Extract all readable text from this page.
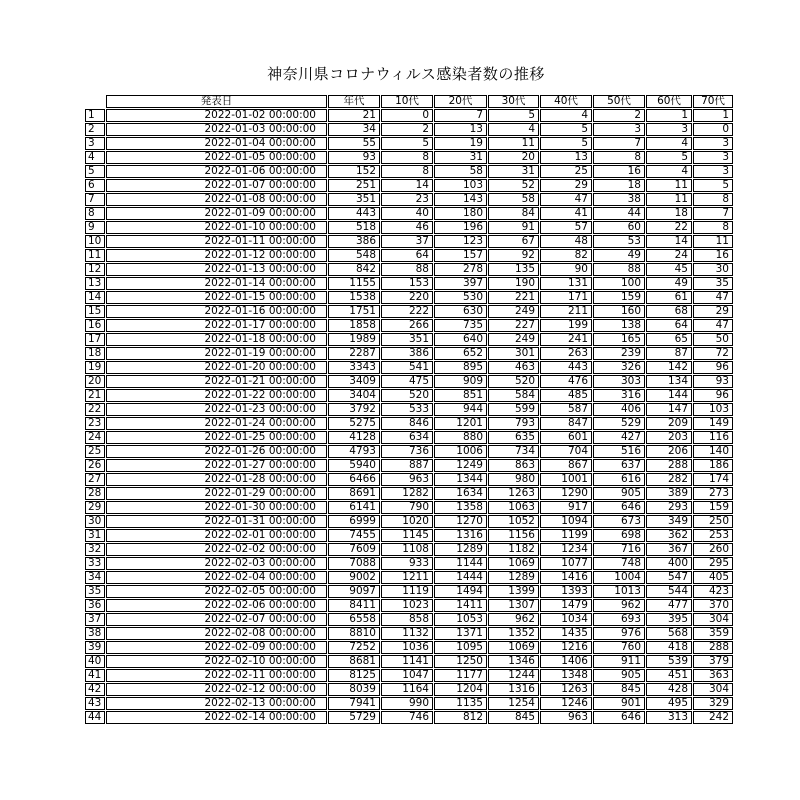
神奈川県コロナウィルス感染者数の推移
	発表日	年代	10代	20代	30代	40代	50代	60代	70代
1	2022-01-02 00:00:00	21	0	7	5	4	2	1	1
2	2022-01-03 00:00:00	34	2	13	4	5	3	3	0
3	2022-01-04 00:00:00	55	5	19	11	5	7	4	3
4	2022-01-05 00:00:00	93	8	31	20	13	8	5	3
5	2022-01-06 00:00:00	152	8	58	31	25	16	4	3
6	2022-01-07 00:00:00	251	14	103	52	29	18	11	5
7	2022-01-08 00:00:00	351	23	143	58	47	38	11	8
8	2022-01-09 00:00:00	443	40	180	84	41	44	18	7
9	2022-01-10 00:00:00	518	46	196	91	57	60	22	8
10	2022-01-11 00:00:00	386	37	123	67	48	53	14	11
11	2022-01-12 00:00:00	548	64	157	92	82	49	24	16
12	2022-01-13 00:00:00	842	88	278	135	90	88	45	30
13	2022-01-14 00:00:00	1155	153	397	190	131	100	49	35
14	2022-01-15 00:00:00	1538	220	530	221	171	159	61	47
15	2022-01-16 00:00:00	1751	222	630	249	211	160	68	29
16	2022-01-17 00:00:00	1858	266	735	227	199	138	64	47
17	2022-01-18 00:00:00	1989	351	640	249	241	165	65	50
18	2022-01-19 00:00:00	2287	386	652	301	263	239	87	72
19	2022-01-20 00:00:00	3343	541	895	463	443	326	142	96
20	2022-01-21 00:00:00	3409	475	909	520	476	303	134	93
21	2022-01-22 00:00:00	3404	520	851	584	485	316	144	96
22	2022-01-23 00:00:00	3792	533	944	599	587	406	147	103
23	2022-01-24 00:00:00	5275	846	1201	793	847	529	209	149
24	2022-01-25 00:00:00	4128	634	880	635	601	427	203	116
25	2022-01-26 00:00:00	4793	736	1006	734	704	516	206	140
26	2022-01-27 00:00:00	5940	887	1249	863	867	637	288	186
27	2022-01-28 00:00:00	6466	963	1344	980	1001	616	282	174
28	2022-01-29 00:00:00	8691	1282	1634	1263	1290	905	389	273
29	2022-01-30 00:00:00	6141	790	1358	1063	917	646	293	159
30	2022-01-31 00:00:00	6999	1020	1270	1052	1094	673	349	250
31	2022-02-01 00:00:00	7455	1145	1316	1156	1199	698	362	253
32	2022-02-02 00:00:00	7609	1108	1289	1182	1234	716	367	260
33	2022-02-03 00:00:00	7088	933	1144	1069	1077	748	400	295
34	2022-02-04 00:00:00	9002	1211	1444	1289	1416	1004	547	405
35	2022-02-05 00:00:00	9097	1119	1494	1399	1393	1013	544	423
36	2022-02-06 00:00:00	8411	1023	1411	1307	1479	962	477	370
37	2022-02-07 00:00:00	6558	858	1053	962	1034	693	395	304
38	2022-02-08 00:00:00	8810	1132	1371	1352	1435	976	568	359
39	2022-02-09 00:00:00	7252	1036	1095	1069	1216	760	418	288
40	2022-02-10 00:00:00	8681	1141	1250	1346	1406	911	539	379
41	2022-02-11 00:00:00	8125	1047	1177	1244	1348	905	451	363
42	2022-02-12 00:00:00	8039	1164	1204	1316	1263	845	428	304
43	2022-02-13 00:00:00	7941	990	1135	1254	1246	901	495	329
44	2022-02-14 00:00:00	5729	746	812	845	963	646	313	242
